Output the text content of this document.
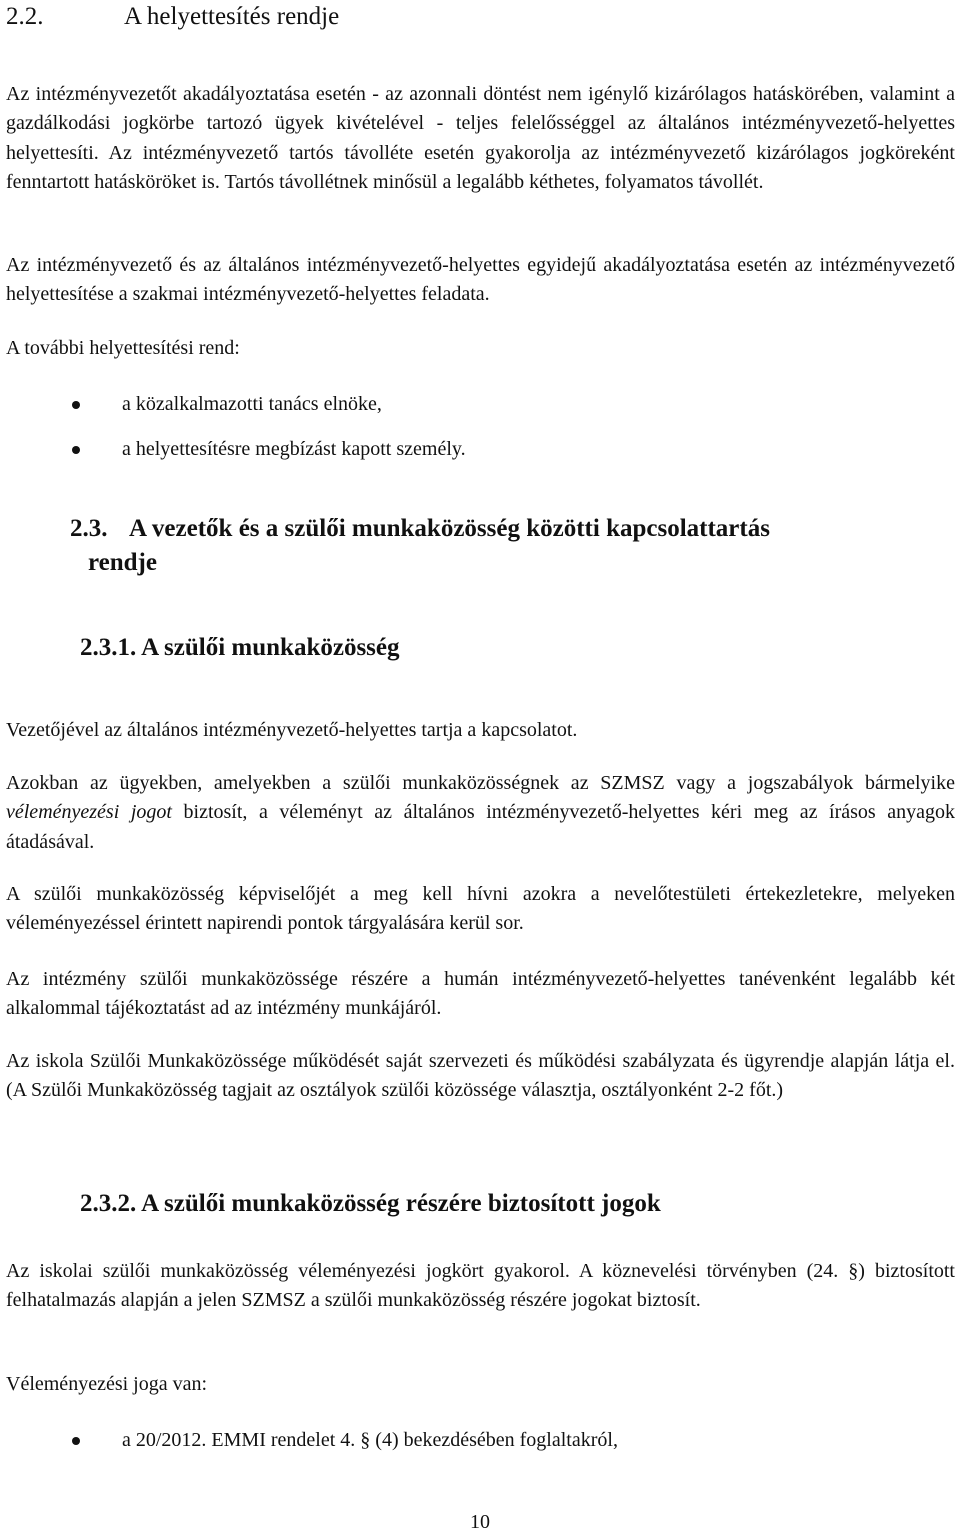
2.2.	A helyettesítés rendje

Az intézményvezetőt akadályoztatása esetén - az azonnali döntést nem igénylő kizárólagos hatáskörében, valamint a gazdálkodási jogkörbe tartozó ügyek kivételével - teljes felelősséggel az általános intézményvezető-helyettes helyettesíti. Az intézményvezető tartós távolléte esetén gyakorolja az intézményvezető kizárólagos jogköreként fenntartott hatásköröket is. Tartós távollétnek minősül a legalább kéthetes, folyamatos távollét.

Az intézményvezető és az általános intézményvezető-helyettes egyidejű akadályoztatása esetén az intézményvezető helyettesítése a szakmai intézményvezető-helyettes feladata.

A további helyettesítési rend:

a közalkalmazotti tanács elnöke,
a helyettesítésre megbízást kapott személy.
2.3. A vezetők és a szülői munkaközösség közötti kapcsolattartás
rendje
2.3.1. A szülői munkaközösség

Vezetőjével az általános intézményvezető-helyettes tartja a kapcsolatot.

Azokban az ügyekben, amelyekben a szülői munkaközösségnek az SZMSZ vagy a jogszabályok bármelyike véleményezési jogot biztosít, a véleményt az általános intézményvezető-helyettes kéri meg az írásos anyagok átadásával.

A szülői munkaközösség képviselőjét a meg kell hívni azokra a nevelőtestületi értekezletekre, melyeken véleményezéssel érintett napirendi pontok tárgyalására kerül sor.

Az intézmény szülői munkaközössége részére a humán intézményvezető-helyettes tanévenként legalább két alkalommal tájékoztatást ad az intézmény munkájáról.

Az iskola Szülői Munkaközössége működését saját szervezeti és működési szabályzata és ügyrendje alapján látja el. (A Szülői Munkaközösség tagjait az osztályok szülői közössége választja, osztályonként 2-2 főt.)

2.3.2. A szülői munkaközösség részére biztosított jogok

Az iskolai szülői munkaközösség véleményezési jogkört gyakorol. A köznevelési törvényben (24. §) biztosított felhatalmazás alapján a jelen SZMSZ a szülői munkaközösség részére jogokat biztosít.

Véleményezési joga van:

a 20/2012. EMMI rendelet 4. § (4) bekezdésében foglaltakról,
10
